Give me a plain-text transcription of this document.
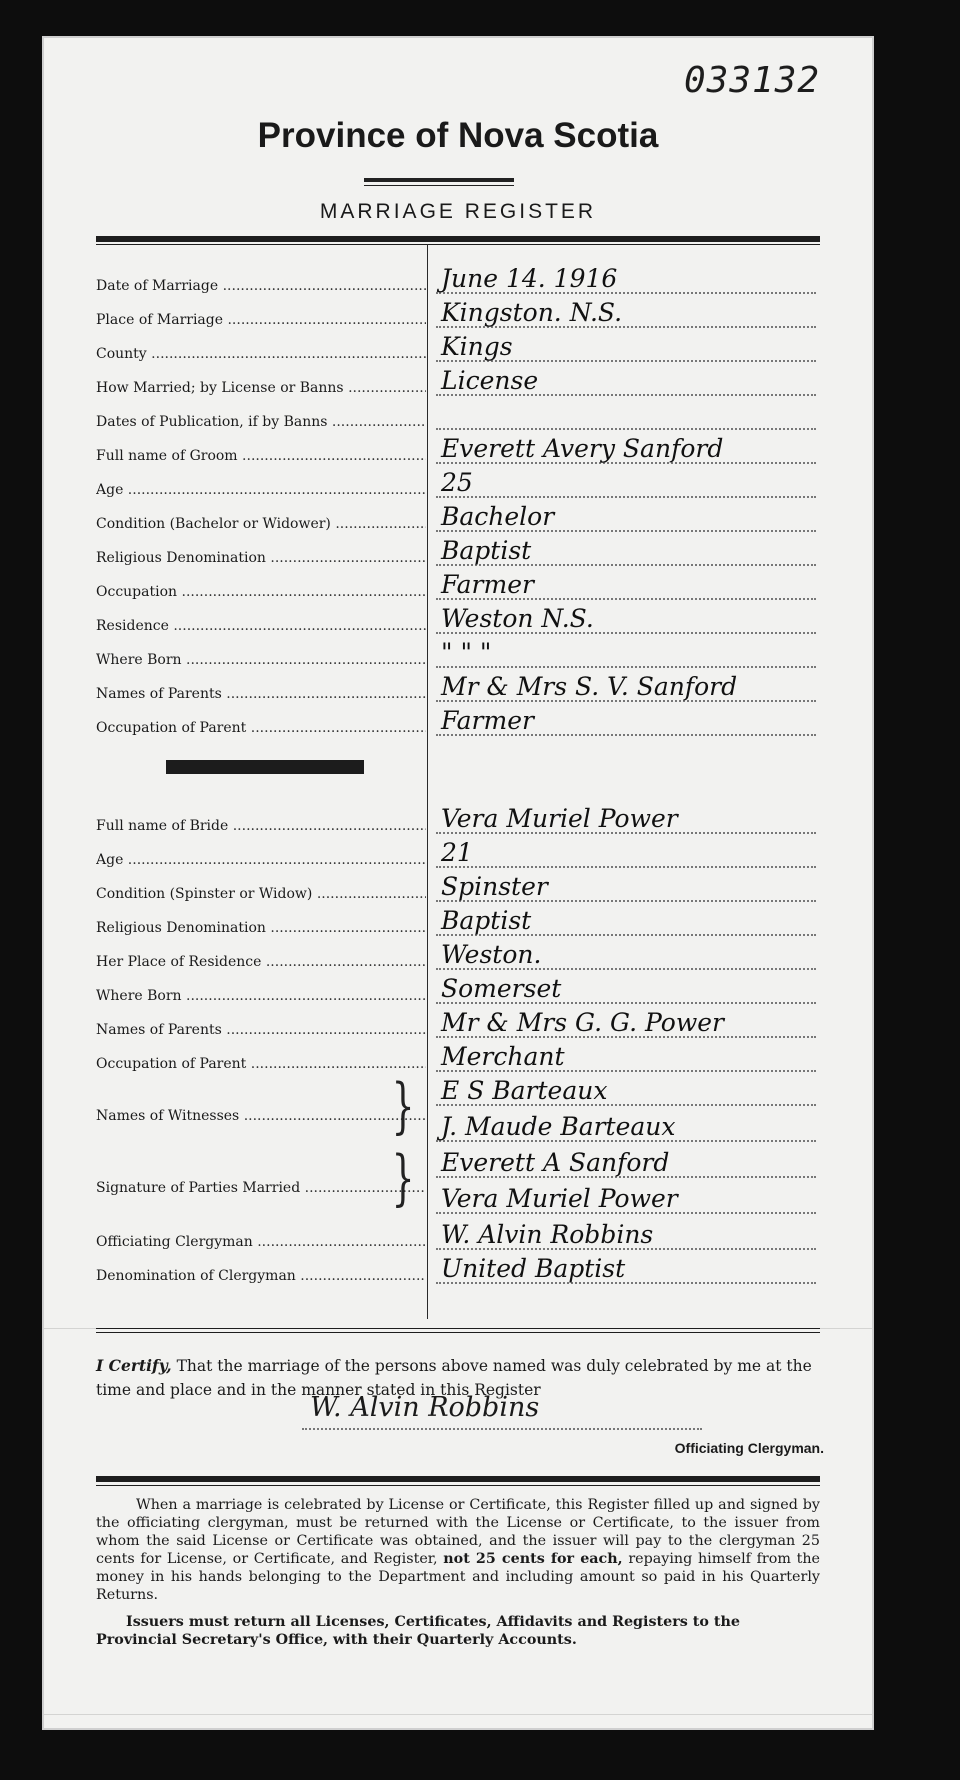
033132
Province of Nova Scotia
MARRIAGE REGISTER
Date of Marriage .....	June 14. 1916
Place of Marriage .....	Kingston. N.S.
County .....	Kings
How Married; by License or Banns .....	License
Dates of Publication, if by Banns .....
Full name of Groom .....	Everett Avery Sanford
Age .....	25
Condition (Bachelor or Widower) .....	Bachelor
Religious Denomination .....	Baptist
Occupation .....	Farmer
Residence .....	Weston N.S.
Where Born .....	" " "
Names of Parents .....	Mr & Mrs S. V. Sanford
Occupation of Parent .....	Farmer
Full name of Bride .....	Vera Muriel Power
Age .....	21
Condition (Spinster or Widow) .....	Spinster
Religious Denomination .....	Baptist
Her Place of Residence .....	Weston.
Where Born .....	Somerset
Names of Parents .....	Mr & Mrs G. G. Power
Occupation of Parent .....	Merchant
E S Barteaux
Names of Witnesses .....	J. Maude Barteaux
}
Everett A Sanford
Signature of Parties Married .....	Vera Muriel Power
}
Officiating Clergyman .....	W. Alvin Robbins
Denomination of Clergyman .....	United Baptist
I Certify, That the marriage of the persons above named was duly celebrated by me at the time and place and in the manner stated in this Register
W. Alvin Robbins
Officiating Clergyman.

When a marriage is celebrated by License or Certificate, this Register filled up and signed by the officiating clergyman, must be returned with the License or Certificate, to the issuer from whom the said License or Certificate was obtained, and the issuer will pay to the clergyman 25 cents for License, or Certificate, and Register, not 25 cents for each, repaying himself from the money in his hands belonging to the Department and including amount so paid in his Quarterly Returns.

Issuers must return all Licenses, Certificates, Affidavits and Registers to the Provincial Secretary's Office, with their Quarterly Accounts.
